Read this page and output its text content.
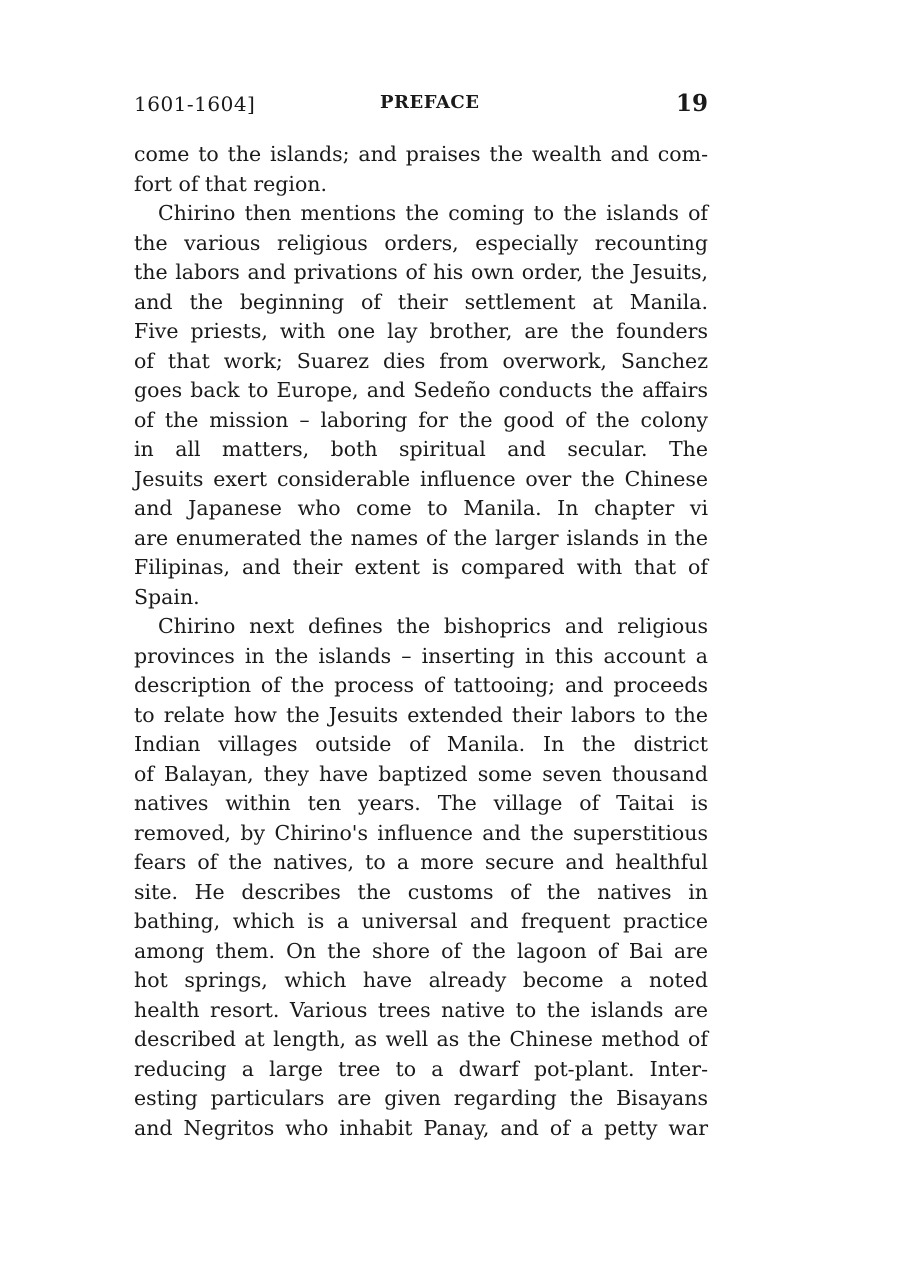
1601-1604]	PREFACE	19
come to the islands; and praises the wealth and com-
fort of that region.
Chirino then mentions the coming to the islands of
the various religious orders, especially recounting
the labors and privations of his own order, the Jesuits,
and the beginning of their settlement at Manila.
Five priests, with one lay brother, are the founders
of that work; Suarez dies from overwork, Sanchez
goes back to Europe, and Sedeño conducts the affairs
of the mission – laboring for the good of the colony
in all matters, both spiritual and secular. The
Jesuits exert considerable influence over the Chinese
and Japanese who come to Manila. In chapter vi
are enumerated the names of the larger islands in the
Filipinas, and their extent is compared with that of
Spain.
Chirino next defines the bishoprics and religious
provinces in the islands – inserting in this account a
description of the process of tattooing; and proceeds
to relate how the Jesuits extended their labors to the
Indian villages outside of Manila. In the district
of Balayan, they have baptized some seven thousand
natives within ten years. The village of Taitai is
removed, by Chirino's influence and the superstitious
fears of the natives, to a more secure and healthful
site. He describes the customs of the natives in
bathing, which is a universal and frequent practice
among them. On the shore of the lagoon of Bai are
hot springs, which have already become a noted
health resort. Various trees native to the islands are
described at length, as well as the Chinese method of
reducing a large tree to a dwarf pot-plant. Inter-
esting particulars are given regarding the Bisayans
and Negritos who inhabit Panay, and of a petty war
